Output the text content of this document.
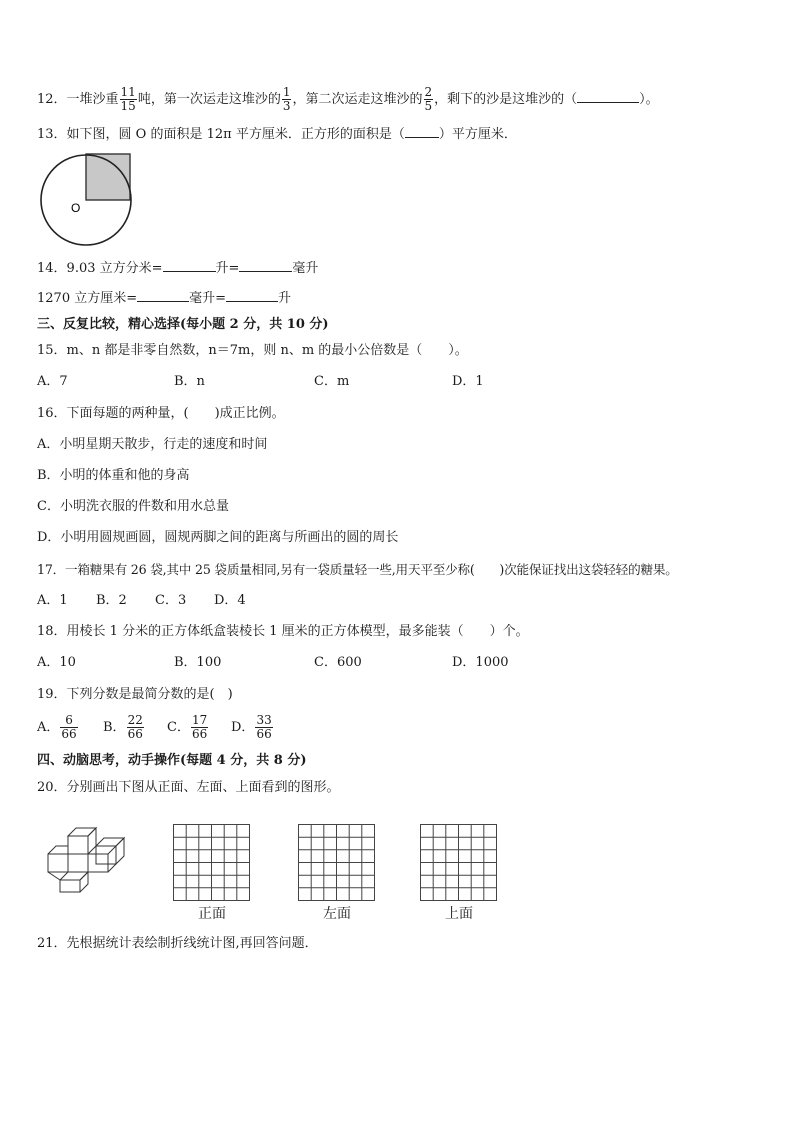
12．一堆沙重 $\frac{11}{15}$ 吨，第一次运走这堆沙的 $\frac{1}{3}$ ，第二次运走这堆沙的 $\frac{2}{5}$ ，剩下的沙是这堆沙的（	）。
13．如下图，圆 O 的面积是 12π 平方厘米．正方形的面积是（	）平方厘米．
O
14．9.03 立方分米=	升=	毫升
1270 立方厘米=	毫升=	升
三、反复比较，精心选择(每小题 2 分，共 10 分)
15．m、n 都是非零自然数，n＝7m，则 n、m 的最小公倍数是（　　）。
A．7	B．n	C．m	D．1
16．下面每题的两种量，(　　)成正比例。
A．小明星期天散步，行走的速度和时间
B．小明的体重和他的身高
C．小明洗衣服的件数和用水总量
D．小明用圆规画圆，圆规两脚之间的距离与所画出的圆的周长
17．一箱糖果有 26 袋,其中 25 袋质量相同,另有一袋质量轻一些,用天平至少称(　　)次能保证找出这袋轻轻的糖果。
A．1 B．2 C．3 D．4
18．用棱长 1 分米的正方体纸盒装棱长 1 厘米的正方体模型，最多能装（　　）个。
A．10	B．100	C．600	D．1000
19．下列分数是最简分数的是(　)
A． $\frac{6}{66}$ B． $\frac{22}{66}$ C． $\frac{17}{66}$ D． $\frac{33}{66}$
四、动脑思考，动手操作(每题 4 分，共 8 分)
20．分别画出下图从正面、左面、上面看到的图形。
正面	左面	上面
21．先根据统计表绘制折线统计图,再回答问题．
